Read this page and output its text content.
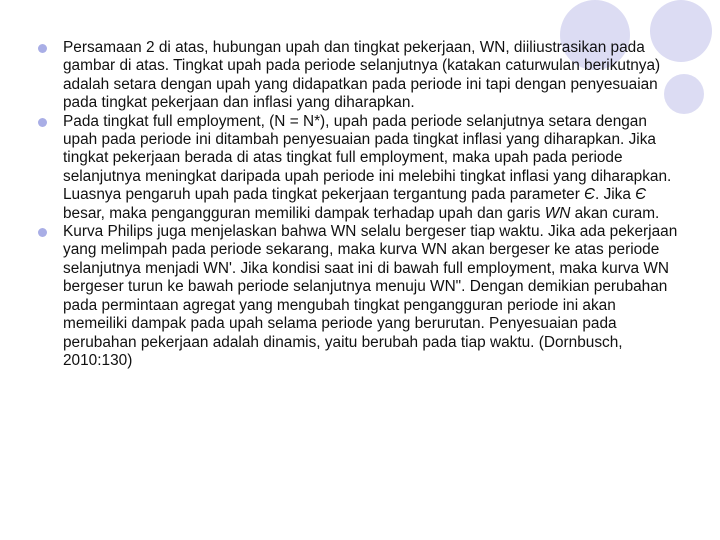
Persamaan 2 di atas, hubungan upah dan tingkat pekerjaan, WN, diiliustrasikan pada gambar di atas. Tingkat upah pada periode selanjutnya (katakan caturwulan berikutnya) adalah setara dengan upah yang didapatkan pada periode ini tapi dengan penyesuaian pada tingkat pekerjaan dan inflasi yang diharapkan.

Pada tingkat full employment, (N = N*), upah pada periode selanjutnya setara dengan upah pada periode ini ditambah penyesuaian pada tingkat inflasi yang diharapkan. Jika tingkat pekerjaan berada di atas tingkat full employment, maka upah pada periode selanjutnya meningkat daripada upah periode ini melebihi tingkat inflasi yang diharapkan. Luasnya pengaruh upah pada tingkat pekerjaan tergantung pada parameter Є. Jika Є besar, maka pengangguran memiliki dampak terhadap upah dan garis WN akan curam.

Kurva Philips juga menjelaskan bahwa WN selalu bergeser tiap waktu. Jika ada pekerjaan yang melimpah pada periode sekarang, maka kurva WN akan bergeser ke atas periode selanjutnya menjadi WN'. Jika kondisi saat ini di bawah full employment, maka kurva WN bergeser turun ke bawah periode selanjutnya menuju WN". Dengan demikian perubahan pada permintaan agregat yang mengubah tingkat pengangguran periode ini akan memeiliki dampak pada upah selama periode yang berurutan. Penyesuaian pada perubahan pekerjaan adalah dinamis, yaitu berubah pada tiap waktu. (Dornbusch, 2010:130)
